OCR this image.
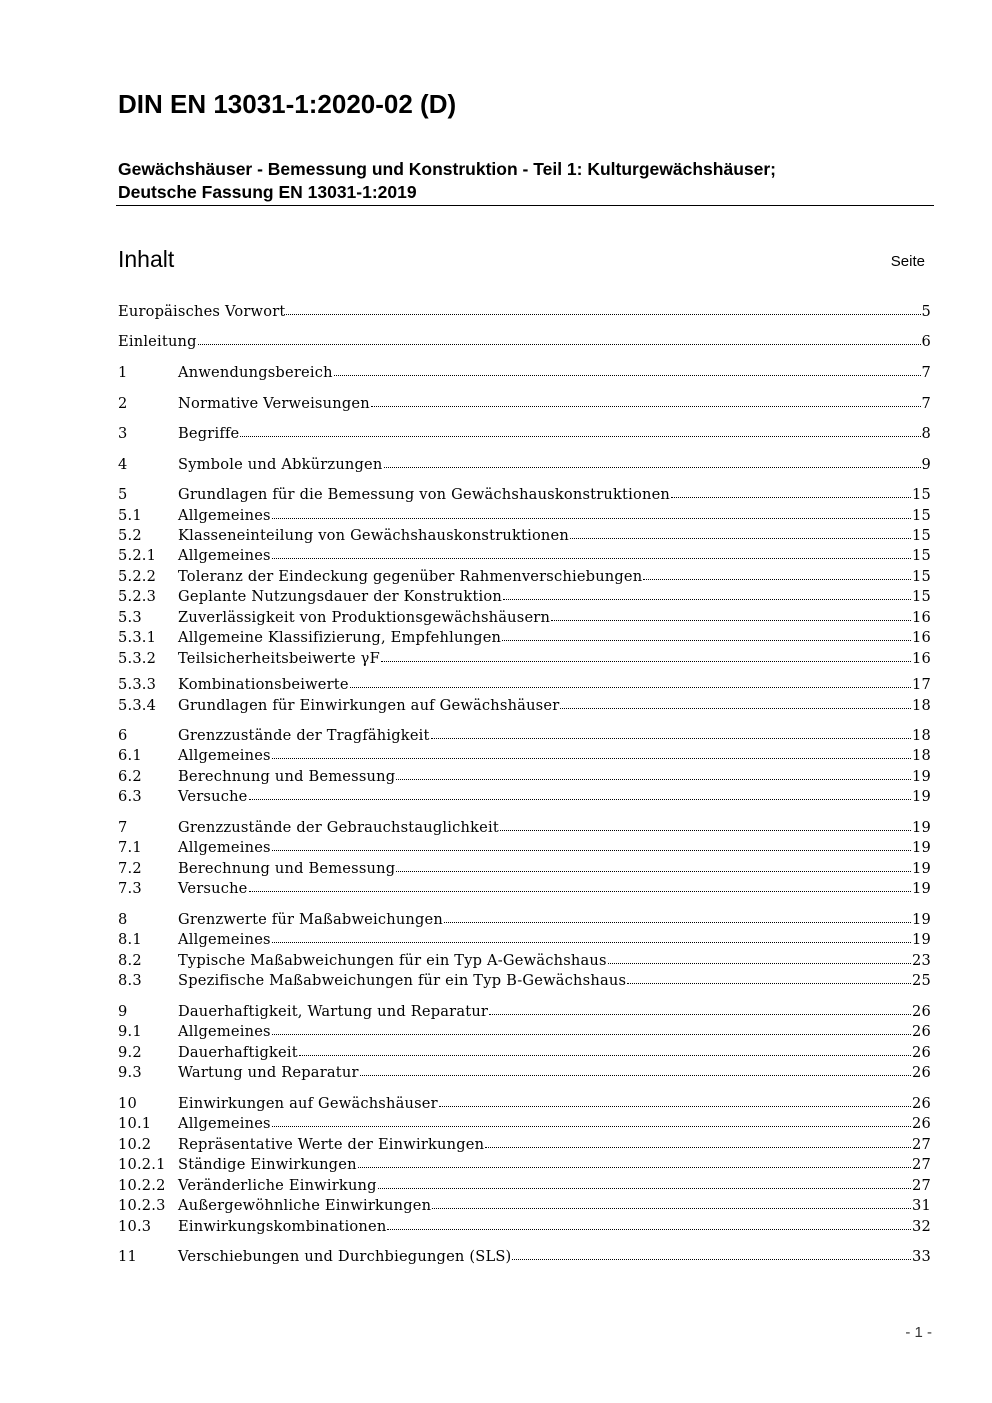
DIN EN 13031-1:2020-02 (D)
Gewächshäuser - Bemessung und Konstruktion - Teil 1: Kulturgewächshäuser;
Deutsche Fassung EN 13031-1:2019
Inhalt	Seite
Europäisches Vorwort	5
Einleitung	6
1	Anwendungsbereich	7
2	Normative Verweisungen	7
3	Begriffe	8
4	Symbole und Abkürzungen	9
5	Grundlagen für die Bemessung von Gewächshauskonstruktionen	15
5.1	Allgemeines	15
5.2	Klasseneinteilung von Gewächshauskonstruktionen	15
5.2.1	Allgemeines	15
5.2.2	Toleranz der Eindeckung gegenüber Rahmenverschiebungen	15
5.2.3	Geplante Nutzungsdauer der Konstruktion	15
5.3	Zuverlässigkeit von Produktionsgewächshäusern	16
5.3.1	Allgemeine Klassifizierung, Empfehlungen	16
5.3.2	Teilsicherheitsbeiwerte γF	16
5.3.3	Kombinationsbeiwerte	17
5.3.4	Grundlagen für Einwirkungen auf Gewächshäuser	18
6	Grenzzustände der Tragfähigkeit	18
6.1	Allgemeines	18
6.2	Berechnung und Bemessung	19
6.3	Versuche	19
7	Grenzzustände der Gebrauchstauglichkeit	19
7.1	Allgemeines	19
7.2	Berechnung und Bemessung	19
7.3	Versuche	19
8	Grenzwerte für Maßabweichungen	19
8.1	Allgemeines	19
8.2	Typische Maßabweichungen für ein Typ A-Gewächshaus	23
8.3	Spezifische Maßabweichungen für ein Typ B-Gewächshaus	25
9	Dauerhaftigkeit, Wartung und Reparatur	26
9.1	Allgemeines	26
9.2	Dauerhaftigkeit	26
9.3	Wartung und Reparatur	26
10	Einwirkungen auf Gewächshäuser	26
10.1	Allgemeines	26
10.2	Repräsentative Werte der Einwirkungen	27
10.2.1 Ständige Einwirkungen	27
10.2.2 Veränderliche Einwirkung	27
10.2.3 Außergewöhnliche Einwirkungen	31
10.3	Einwirkungskombinationen	32
11	Verschiebungen und Durchbiegungen (SLS)	33
- 1 -
